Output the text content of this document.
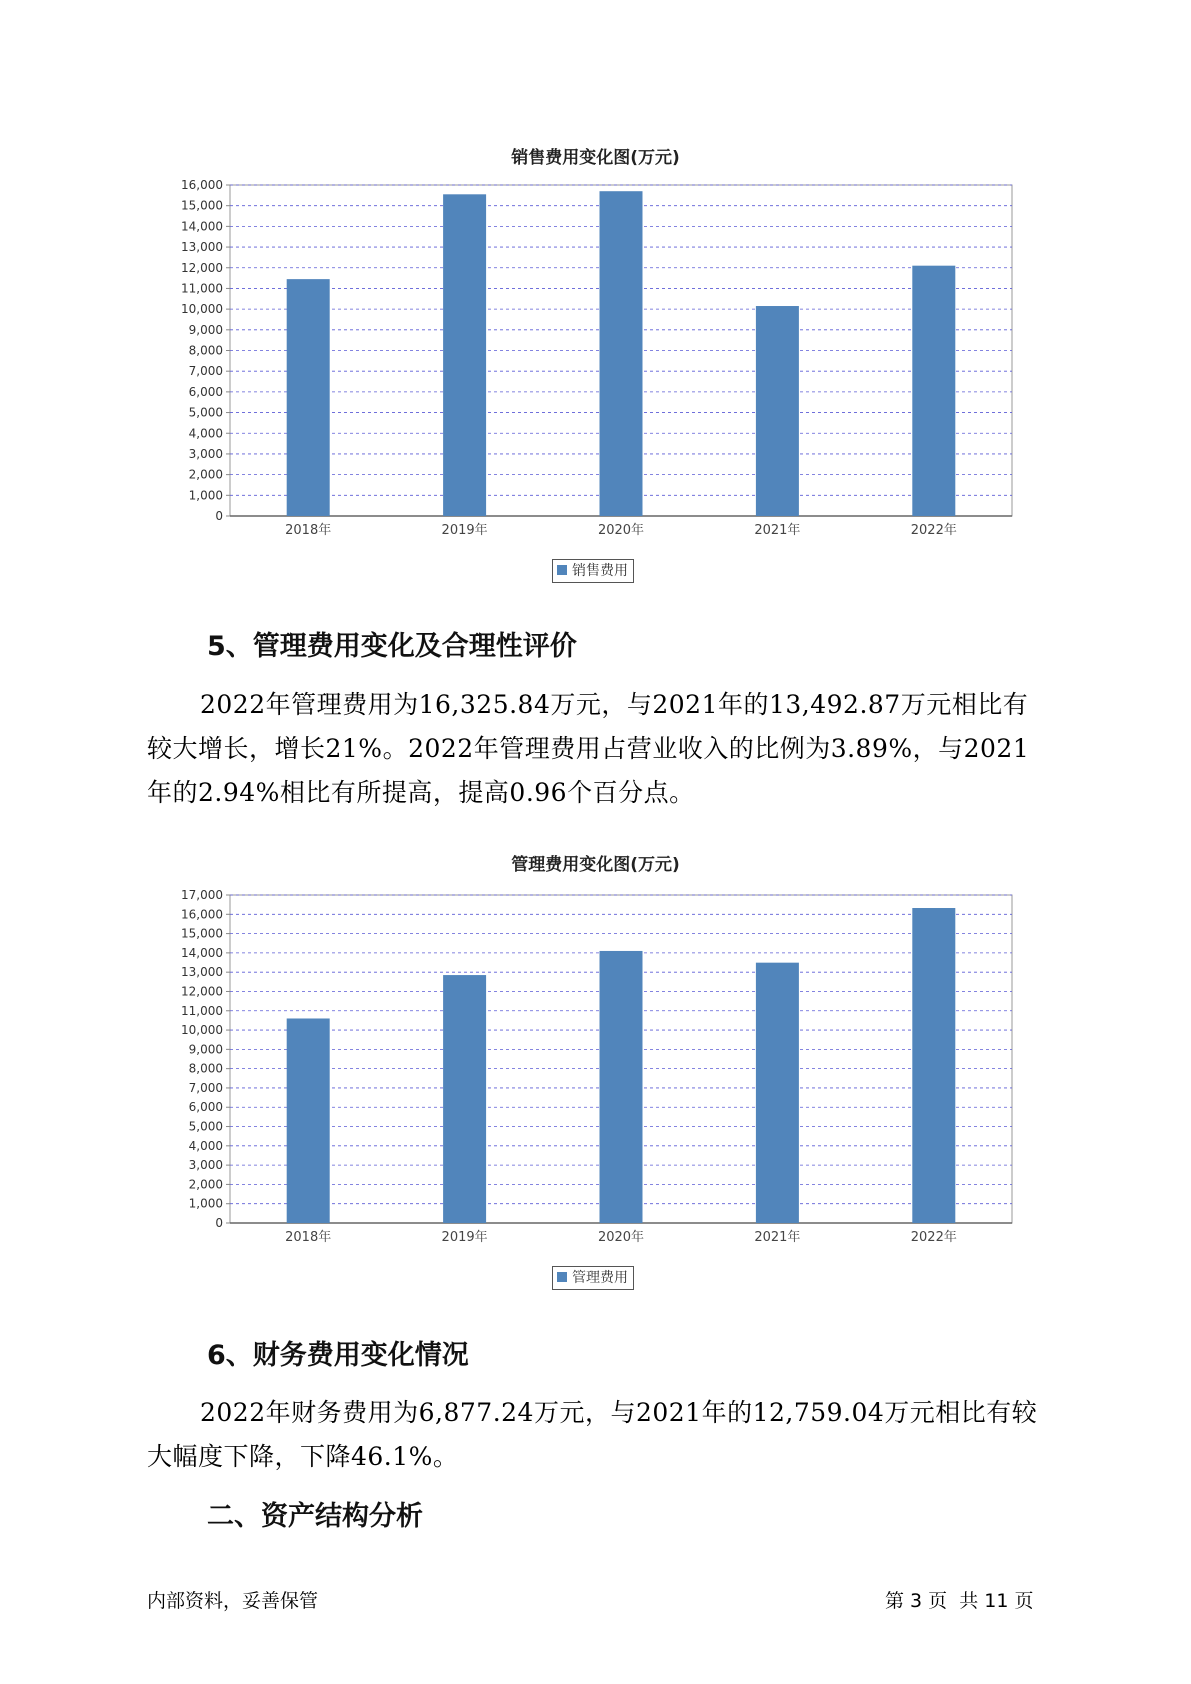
销售费用变化图(万元)
0
1,000
2,000
3,000
4,000
5,000
6,000
7,000
8,000
9,000
10,000
11,000
12,000
13,000
14,000
15,000
16,000
2018年	2019年	2020年	2021年	2022年
销售费用
5、管理费用变化及合理性评价

2022年管理费用为16,325.84万元，与2021年的13,492.87万元相比有较大增长，增长21%。2022年管理费用占营业收入的比例为3.89%，与2021年的2.94%相比有所提高，提高0.96个百分点。

管理费用变化图(万元)
0
1,000
2,000
3,000
4,000
5,000
6,000
7,000
8,000
9,000
10,000
11,000
12,000
13,000
14,000
15,000
16,000
17,000
2018年	2019年	2020年	2021年	2022年
管理费用
6、财务费用变化情况

2022年财务费用为6,877.24万元，与2021年的12,759.04万元相比有较大幅度下降，下降46.1%。

二、资产结构分析
内部资料，妥善保管	第 3 页  共 11 页
